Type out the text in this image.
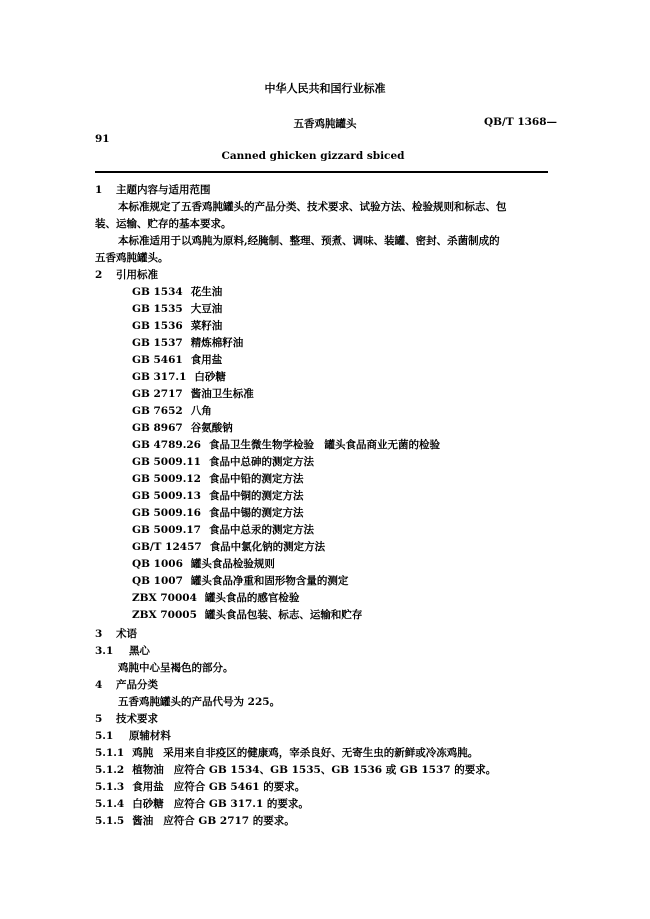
中华人民共和国行业标准
五香鸡肫罐头	QB/T 1368—
91
Canned ghicken gizzard sbiced
1 主题内容与适用范围
本标准规定了五香鸡肫罐头的产品分类、技术要求、试验方法、检验规则和标志、包
装、运输、贮存的基本要求。
本标准适用于以鸡肫为原料,经腌制、整理、预煮、调味、装罐、密封、杀菌制成的
五香鸡肫罐头。
2 引用标准
GB 1534 花生油
GB 1535 大豆油
GB 1536 菜籽油
GB 1537 精炼棉籽油
GB 5461 食用盐
GB 317.1 白砂糖
GB 2717 酱油卫生标准
GB 7652 八角
GB 8967 谷氨酸钠
GB 4789.26 食品卫生微生物学检验　罐头食品商业无菌的检验
GB 5009.11 食品中总砷的测定方法
GB 5009.12 食品中铅的测定方法
GB 5009.13 食品中铜的测定方法
GB 5009.16 食品中锡的测定方法
GB 5009.17 食品中总汞的测定方法
GB/T 12457 食品中氯化钠的测定方法
QB 1006 罐头食品检验规则
QB 1007 罐头食品净重和固形物含量的测定
ZBX 70004 罐头食品的感官检验
ZBX 70005 罐头食品包装、标志、运输和贮存
3 术语
3.1 黑心
鸡肫中心呈褐色的部分。
4 产品分类
五香鸡肫罐头的产品代号为 225。
5 技术要求
5.1 原辅材料
5.1.1 鸡肫 采用来自非疫区的健康鸡，宰杀良好、无寄生虫的新鲜或冷冻鸡肫。
5.1.2 植物油 应符合 GB 1534、GB 1535、GB 1536 或 GB 1537 的要求。
5.1.3 食用盐 应符合 GB 5461 的要求。
5.1.4 白砂糖 应符合 GB 317.1 的要求。
5.1.5 酱油 应符合 GB 2717 的要求。
